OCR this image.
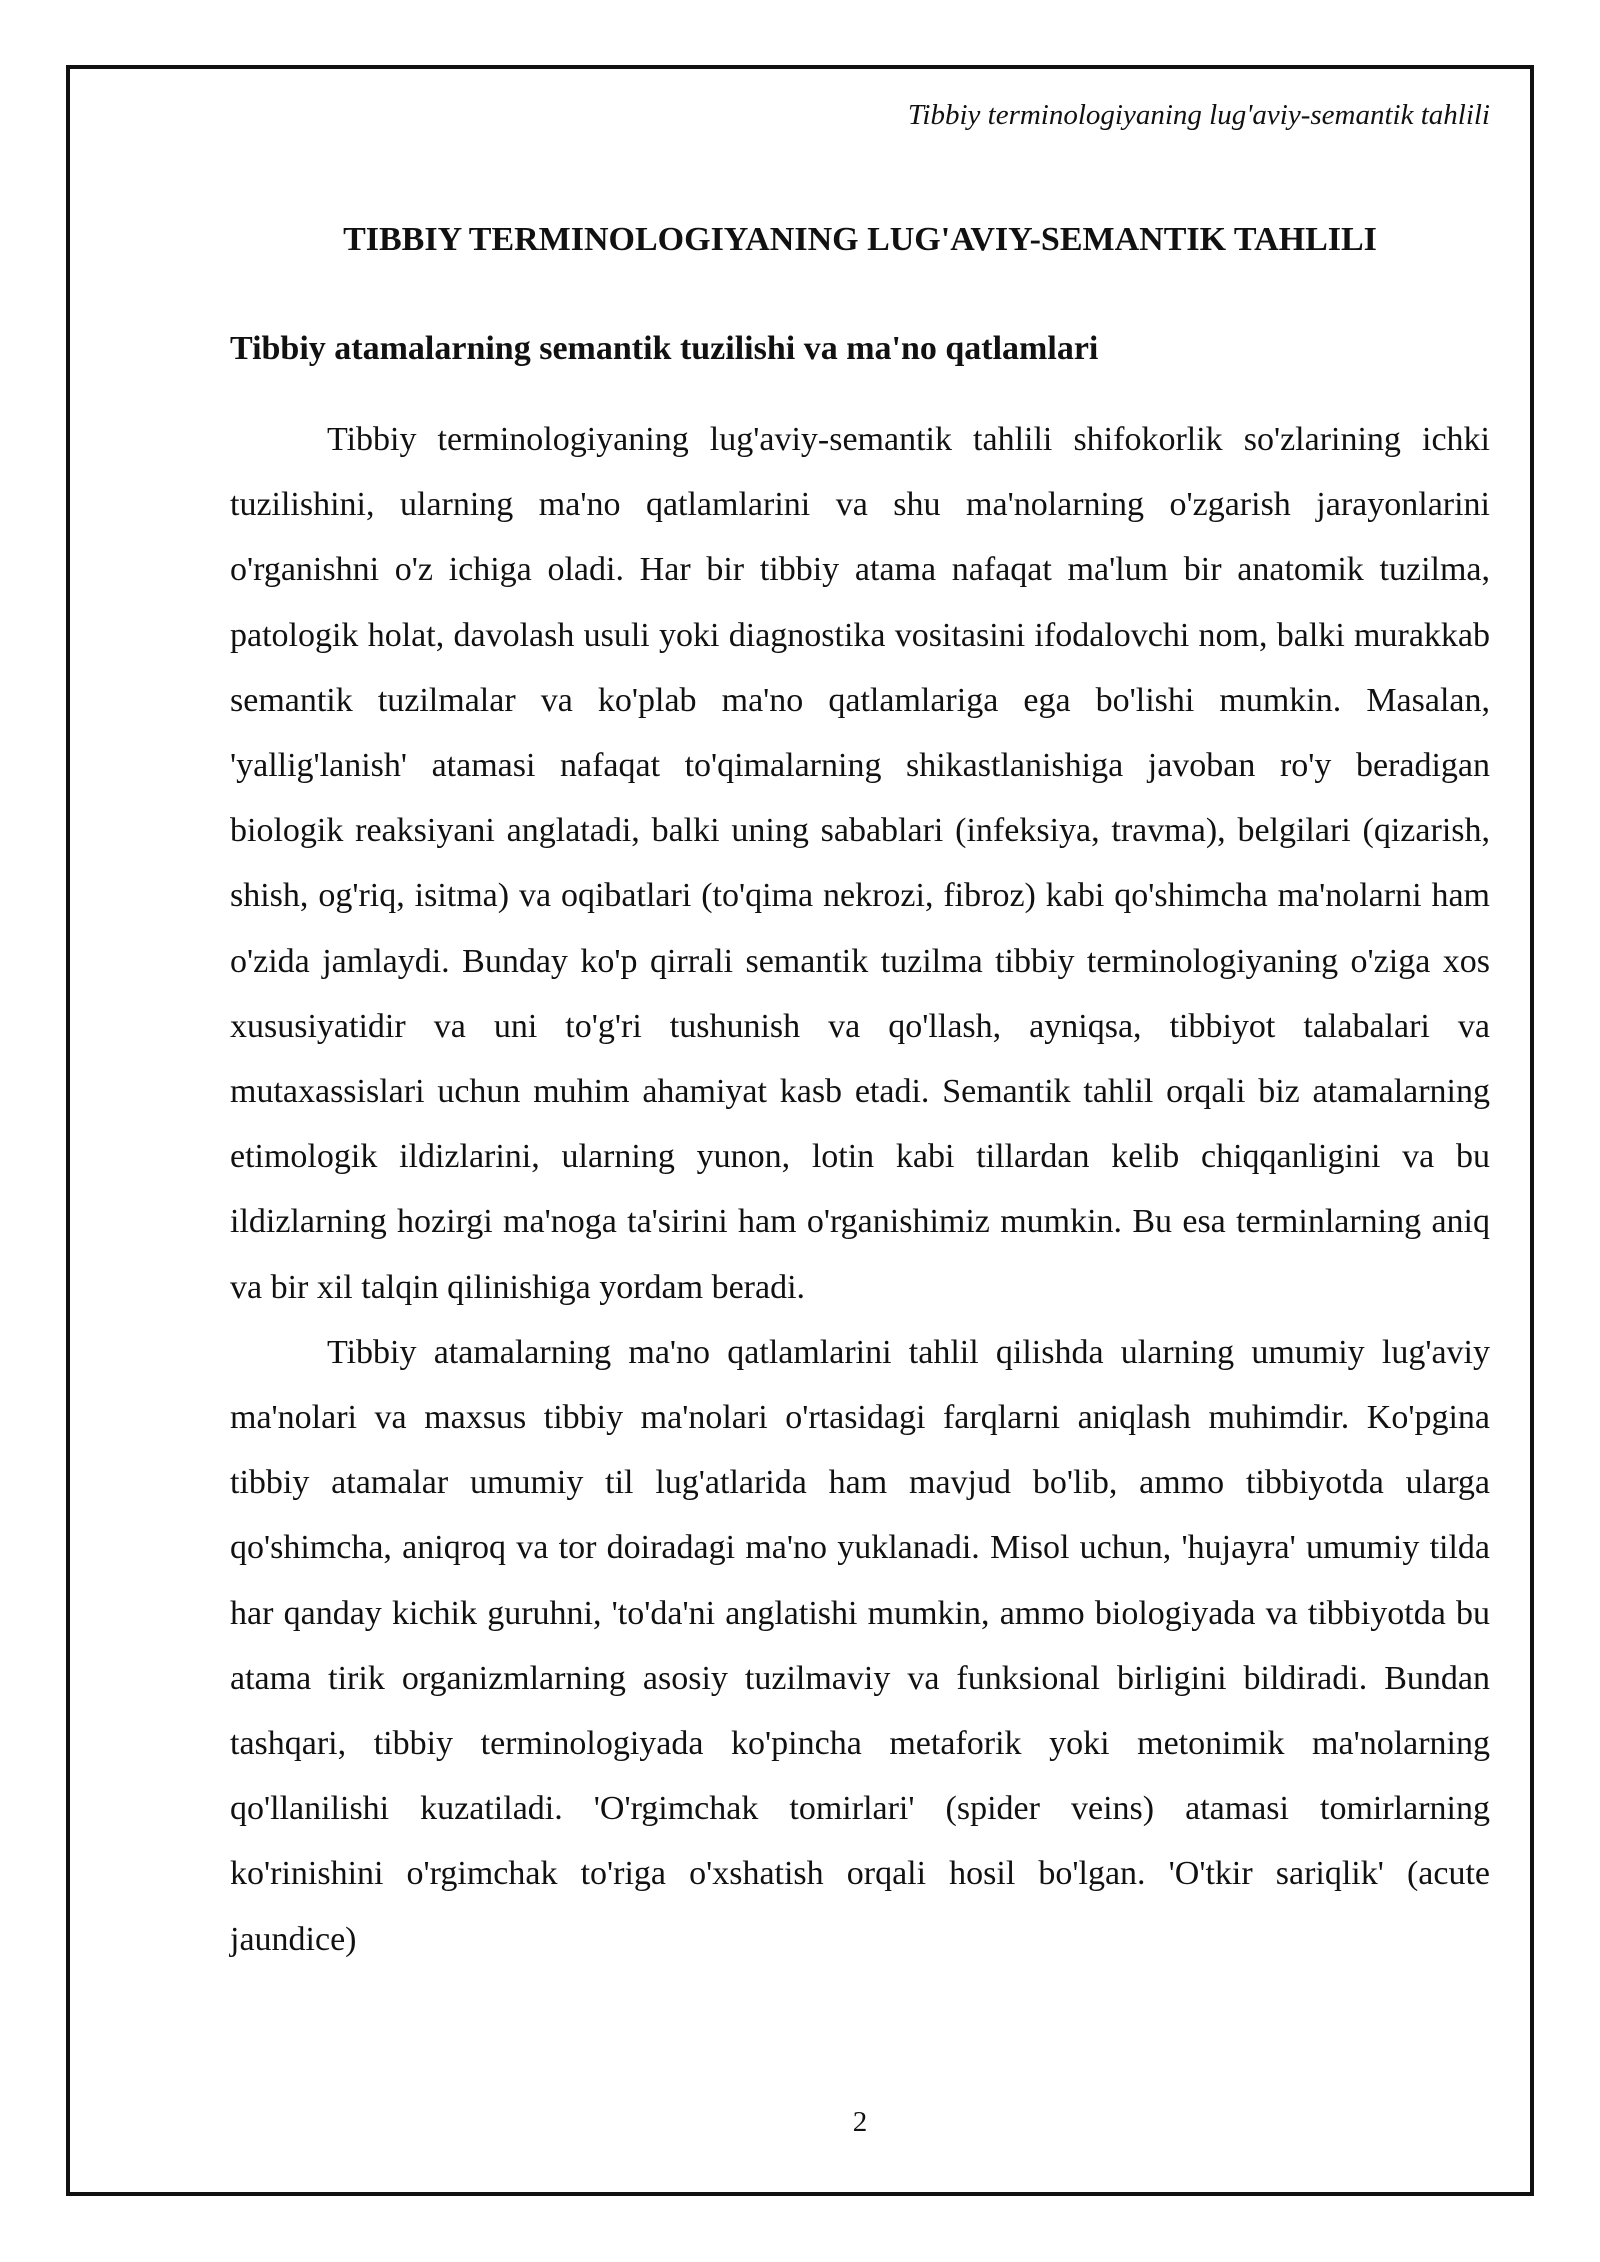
Tibbiy terminologiyaning lug'aviy-semantik tahlili
TIBBIY TERMINOLOGIYANING LUG'AVIY-SEMANTIK TAHLILI
Tibbiy atamalarning semantik tuzilishi va ma'no qatlamlari

Tibbiy terminologiyaning lug'aviy-semantik tahlili shifokorlik so'zlarining ichki tuzilishini, ularning ma'no qatlamlarini va shu ma'nolarning o'zgarish jarayonlarini o'rganishni o'z ichiga oladi. Har bir tibbiy atama nafaqat ma'lum bir anatomik tuzilma, patologik holat, davolash usuli yoki diagnostika vositasini ifodalovchi nom, balki murakkab semantik tuzilmalar va ko'plab ma'no qatlamlariga ega bo'lishi mumkin. Masalan, 'yallig'lanish' atamasi nafaqat to'qimalarning shikastlanishiga javoban ro'y beradigan biologik reaksiyani anglatadi, balki uning sabablari (infeksiya, travma), belgilari (qizarish, shish, og'riq, isitma) va oqibatlari (to'qima nekrozi, fibroz) kabi qo'shimcha ma'nolarni ham o'zida jamlaydi. Bunday ko'p qirrali semantik tuzilma tibbiy terminologiyaning o'ziga xos xususiyatidir va uni to'g'ri tushunish va qo'llash, ayniqsa, tibbiyot talabalari va mutaxassislari uchun muhim ahamiyat kasb etadi. Semantik tahlil orqali biz atamalarning etimologik ildizlarini, ularning yunon, lotin kabi tillardan kelib chiqqanligini va bu ildizlarning hozirgi ma'noga ta'sirini ham o'rganishimiz mumkin. Bu esa terminlarning aniq va bir xil talqin qilinishiga yordam beradi.

Tibbiy atamalarning ma'no qatlamlarini tahlil qilishda ularning umumiy lug'aviy ma'nolari va maxsus tibbiy ma'nolari o'rtasidagi farqlarni aniqlash muhimdir. Ko'pgina tibbiy atamalar umumiy til lug'atlarida ham mavjud bo'lib, ammo tibbiyotda ularga qo'shimcha, aniqroq va tor doiradagi ma'no yuklanadi. Misol uchun, 'hujayra' umumiy tilda har qanday kichik guruhni, 'to'da'ni anglatishi mumkin, ammo biologiyada va tibbiyotda bu atama tirik organizmlarning asosiy tuzilmaviy va funksional birligini bildiradi. Bundan tashqari, tibbiy terminologiyada ko'pincha metaforik yoki metonimik ma'nolarning qo'llanilishi kuzatiladi. 'O'rgimchak tomirlari' (spider veins) atamasi tomirlarning ko'rinishini o'rgimchak to'riga o'xshatish orqali hosil bo'lgan. 'O'tkir sariqlik' (acute jaundice)

2
